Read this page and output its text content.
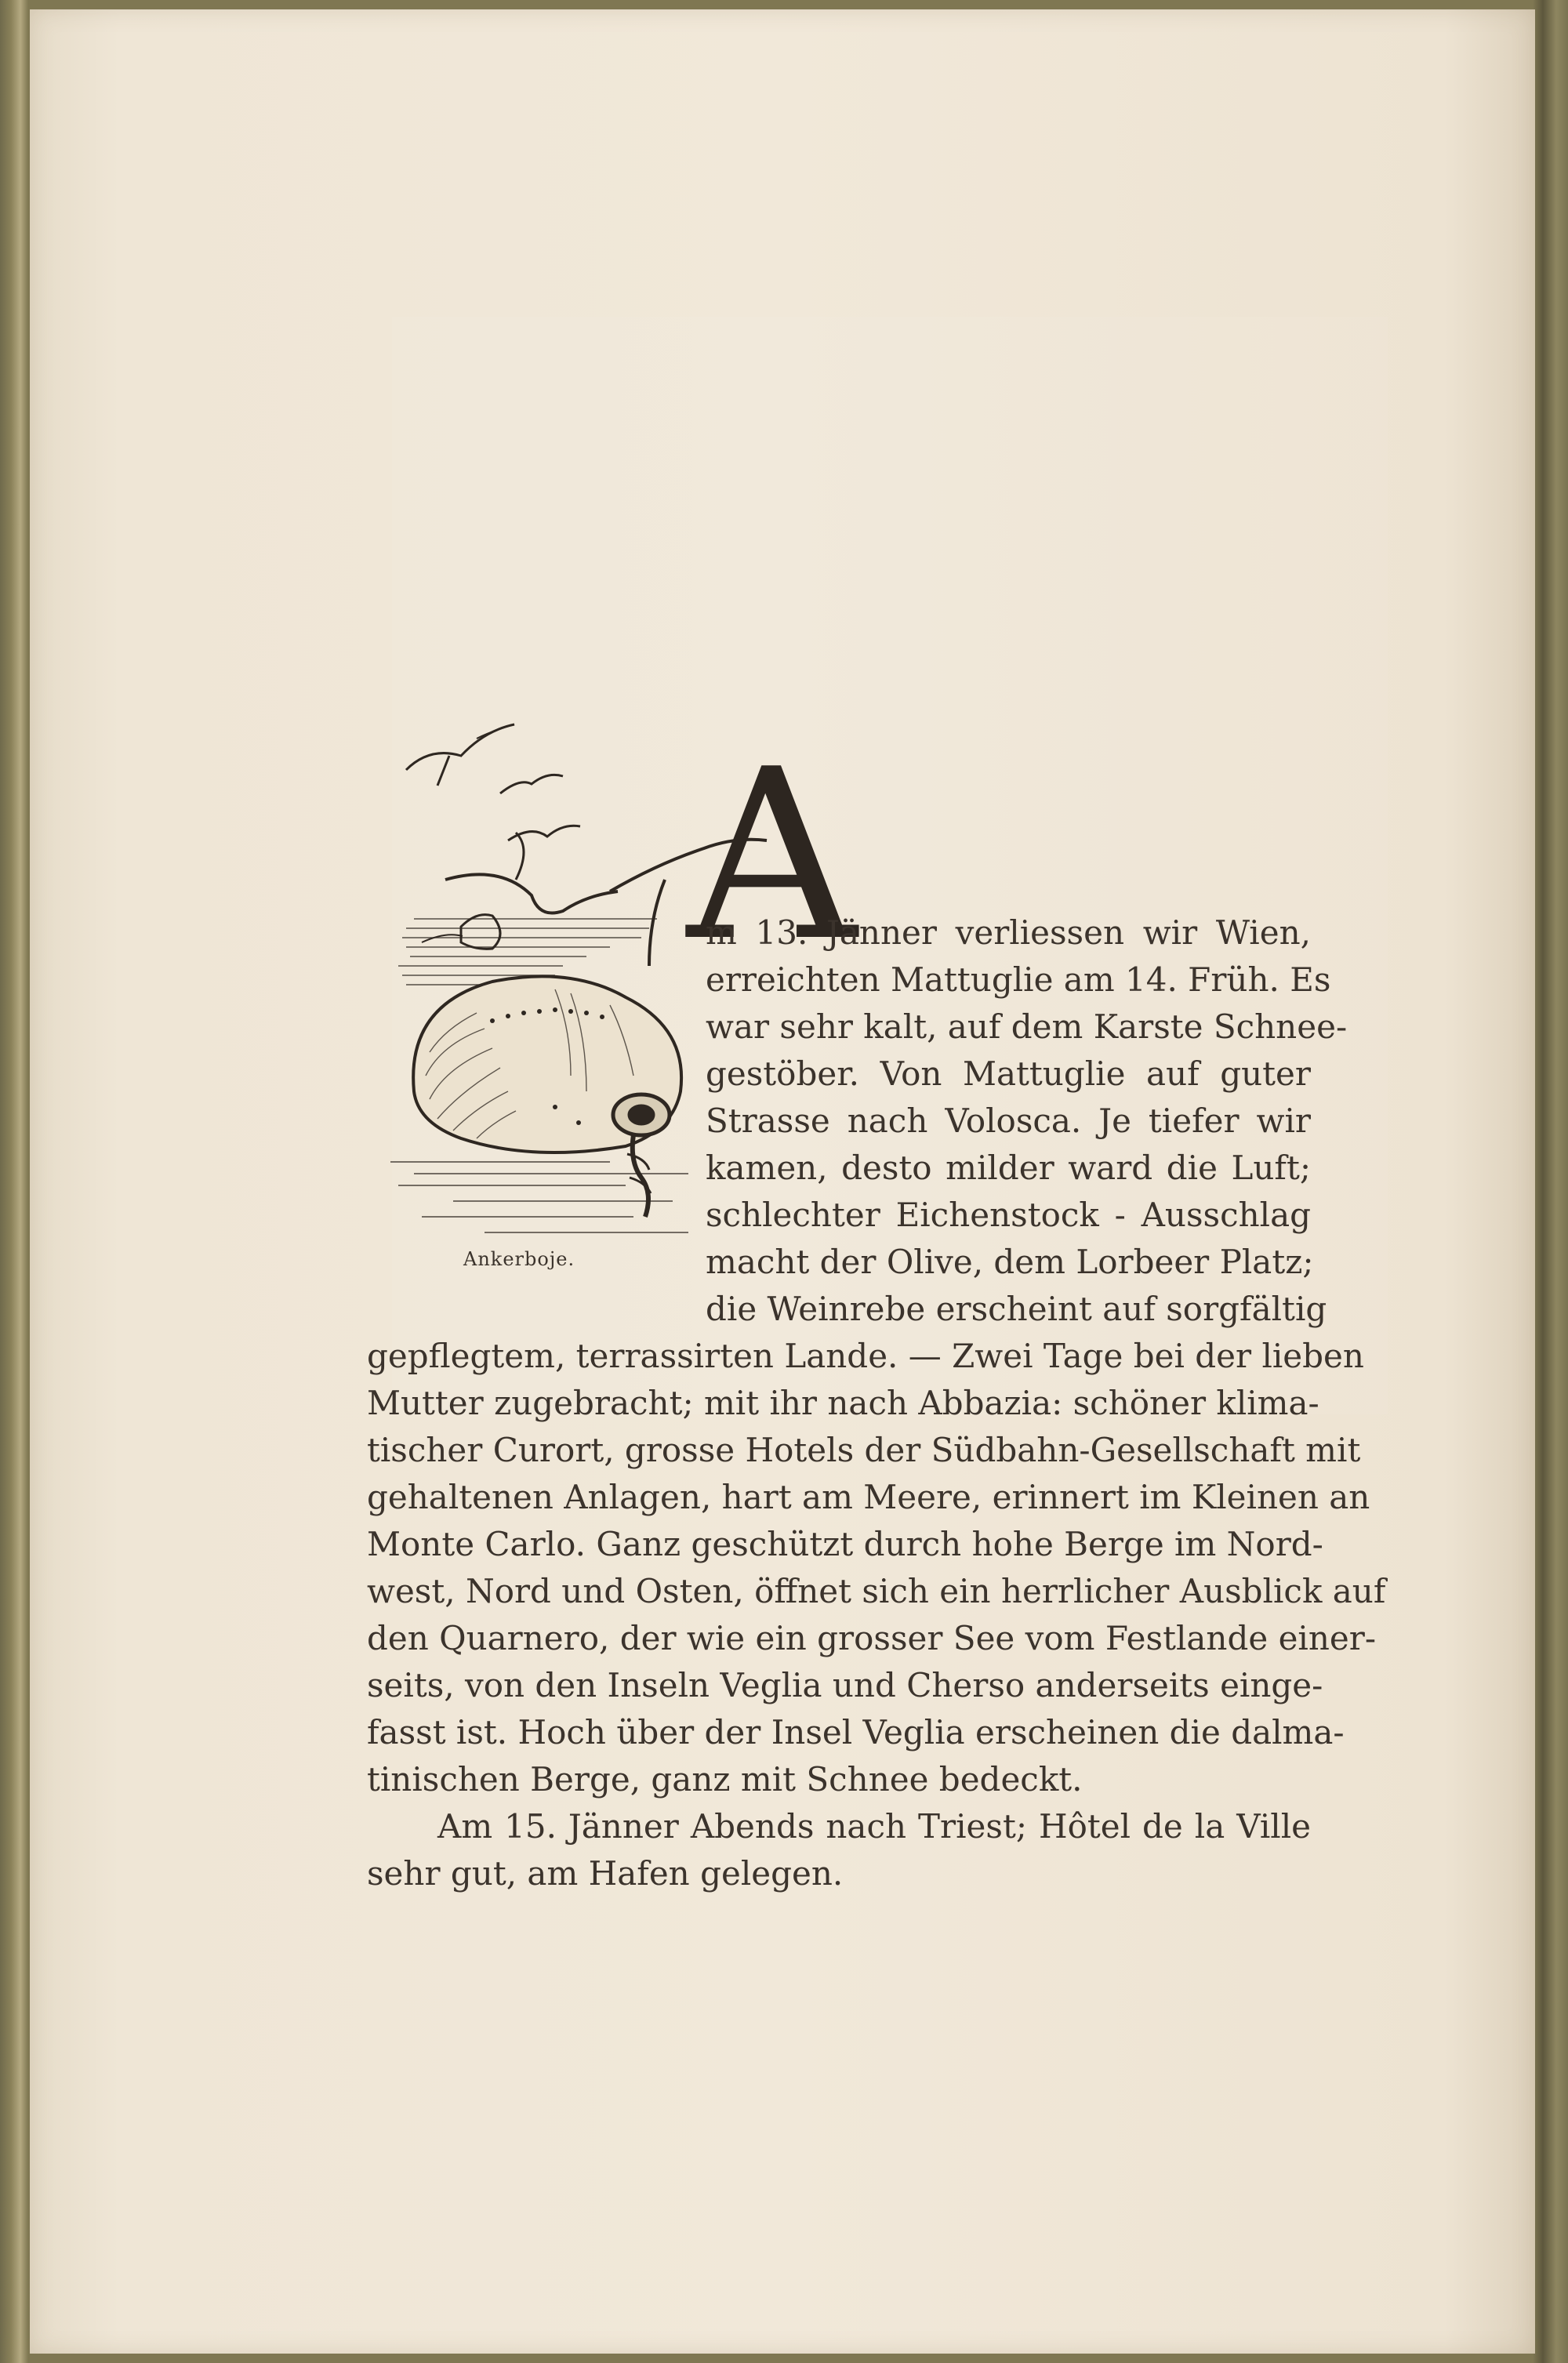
A
Ankerboje.
m 13. Jänner verliessen wir Wien,
erreichten Mattuglie am 14. Früh. Es
war sehr kalt, auf dem Karste Schnee-
gestöber. Von Mattuglie auf guter
Strasse nach Volosca. Je tiefer wir
kamen, desto milder ward die Luft;
schlechter Eichenstock - Ausschlag
macht der Olive, dem Lorbeer Platz;
die Weinrebe erscheint auf sorgfältig
gepflegtem, terrassirten Lande. — Zwei Tage bei der lieben
Mutter zugebracht; mit ihr nach Abbazia: schöner klima-
tischer Curort, grosse Hotels der Südbahn-Gesellschaft mit
gehaltenen Anlagen, hart am Meere, erinnert im Kleinen an
Monte Carlo. Ganz geschützt durch hohe Berge im Nord-
west, Nord und Osten, öffnet sich ein herrlicher Ausblick auf
den Quarnero, der wie ein grosser See vom Festlande einer-
seits, von den Inseln Veglia und Cherso anderseits einge-
fasst ist. Hoch über der Insel Veglia erscheinen die dalma-
tinischen Berge, ganz mit Schnee bedeckt.
Am 15. Jänner Abends nach Triest; Hôtel de la Ville
sehr gut, am Hafen gelegen.
